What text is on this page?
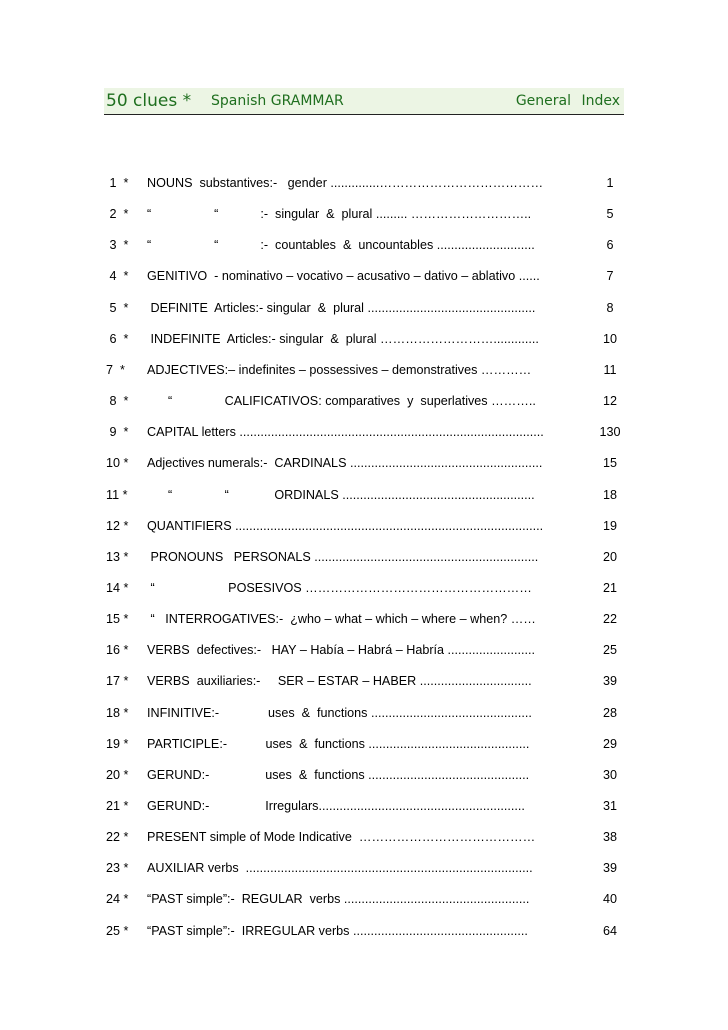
50 clues * Spanish GRAMMAR	General Index
1  *	NOUNS  substantives:-   gender ..............…………………………………	1
2  *	“                  “            :-  singular  &  plural ......... ………………………..	5
3  *	“                  “            :-  countables  &  uncountables ............................	6
4  *	GENITIVO  - nominativo – vocativo – acusativo – dativo – ablativo ......	7
5  *	DEFINITE  Articles:- singular  &  plural ................................................	8
6  *	INDEFINITE  Articles:- singular  &  plural ……………………….............	10
7  *	ADJECTIVES:– indefinites – possessives – demonstratives …………	11
8  *	“               CALIFICATIVOS: comparatives  y  superlatives ………..	12
9  *	CAPITAL letters .......................................................................................	130
10 *	Adjectives numerals:-  CARDINALS .......................................................	15
11 *	“               “             ORDINALS .......................................................	18
12 *	QUANTIFIERS ........................................................................................	19
13 *	PRONOUNS   PERSONALS ................................................................	20
14 *	“                     POSESIVOS ………………………………………………	21
15 *	“   INTERROGATIVES:-  ¿who – what – which – where – when? ……	22
16 *	VERBS  defectives:-   HAY – Había – Habrá – Habría .........................	25
17 *	VERBS  auxiliaries:-     SER – ESTAR – HABER ................................	39
18 *	INFINITIVE:-              uses  &  functions ..............................................	28
19 *	PARTICIPLE:-           uses  &  functions ..............................................	29
20 *	GERUND:-                uses  &  functions ..............................................	30
21 *	GERUND:-                Irregulars...........................................................	31
22 *	PRESENT simple of Mode Indicative  ……………………………………	38
23 *	AUXILIAR verbs  ..................................................................................	39
24 *	“PAST simple”:-  REGULAR  verbs .....................................................	40
25 *	“PAST simple”:-  IRREGULAR verbs ..................................................	64
